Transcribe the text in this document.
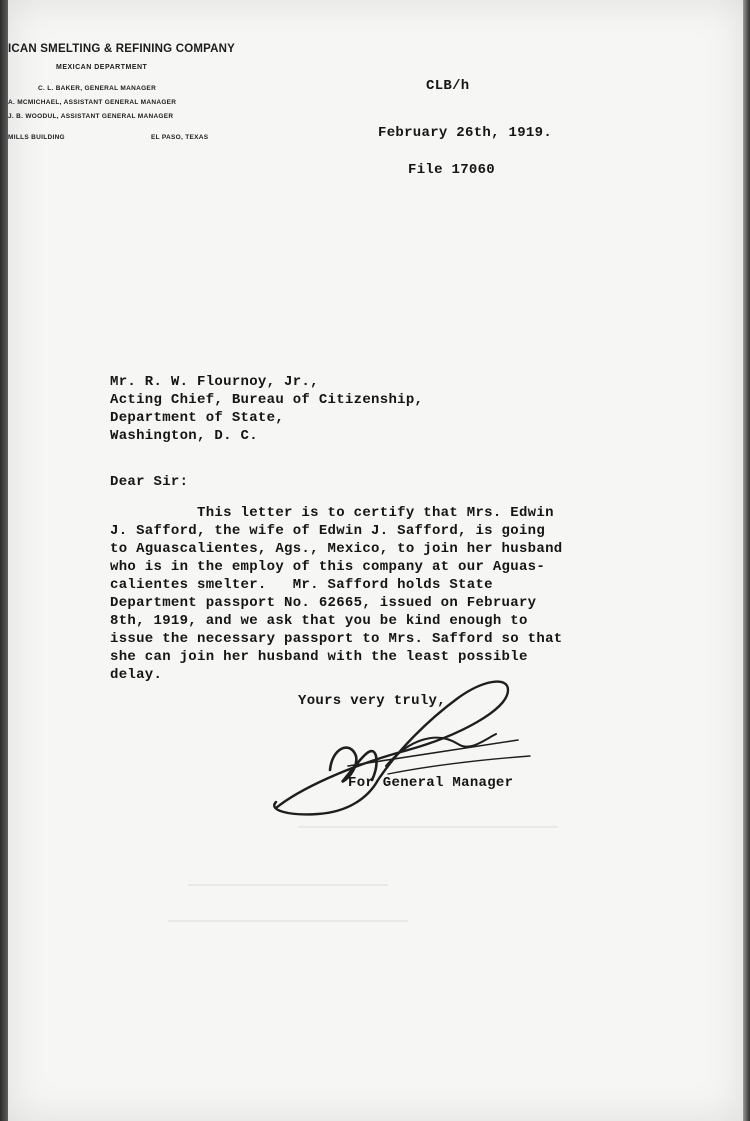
ICAN SMELTING & REFINING COMPANY
MEXICAN DEPARTMENT
C. L. BAKER, GENERAL MANAGER
A. MCMICHAEL, ASSISTANT GENERAL MANAGER
J. B. WOODUL, ASSISTANT GENERAL MANAGER
MILLS BUILDING	EL PASO, TEXAS
CLB/h
February 26th, 1919.
File 17060
Mr. R. W. Flournoy, Jr.,
Acting Chief, Bureau of Citizenship,
Department of State,
Washington, D. C.
Dear Sir:
This letter is to certify that Mrs. Edwin
J. Safford, the wife of Edwin J. Safford, is going
to Aguascalientes, Ags., Mexico, to join her husband
who is in the employ of this company at our Aguas-
calientes smelter.   Mr. Safford holds State
Department passport No. 62665, issued on February
8th, 1919, and we ask that you be kind enough to
issue the necessary passport to Mrs. Safford so that
she can join her husband with the least possible
delay.
Yours very truly,
For General Manager
